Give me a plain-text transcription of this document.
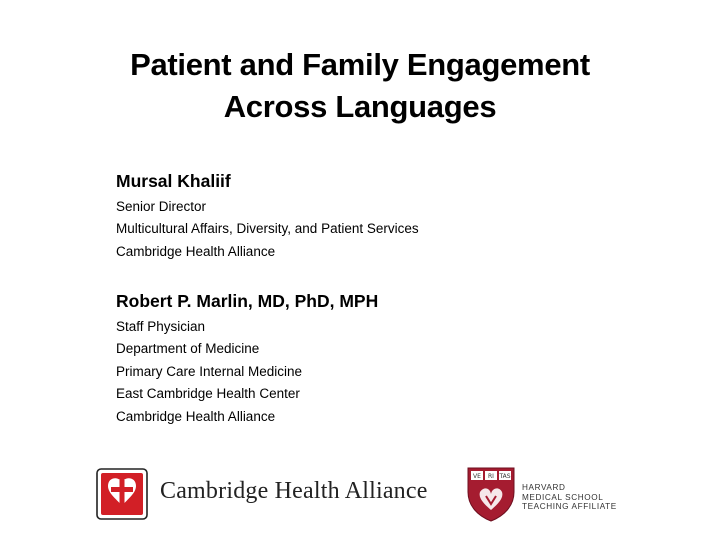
Patient and Family Engagement
Across Languages
Mursal Khaliif
Senior Director
Multicultural Affairs, Diversity, and Patient Services
Cambridge Health Alliance
Robert P. Marlin, MD, PhD, MPH
Staff Physician
Department of Medicine
Primary Care Internal Medicine
East Cambridge Health Center
Cambridge Health Alliance
Cambridge Health Alliance
VE RI TAS
HARVARD
MEDICAL SCHOOL
TEACHING AFFILIATE
